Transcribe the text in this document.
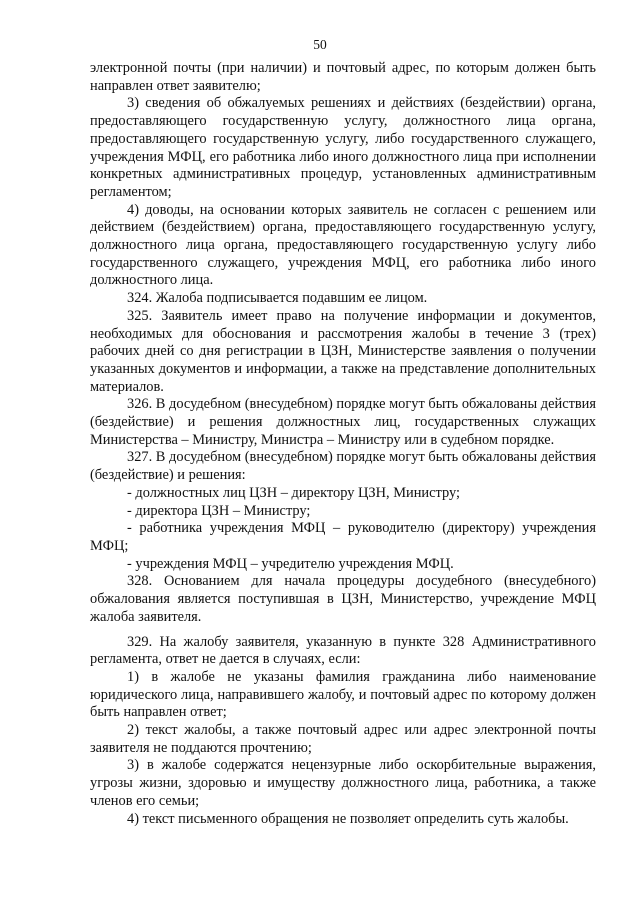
50

электронной почты (при наличии) и почтовый адрес, по которым должен быть направлен ответ заявителю;

3) сведения об обжалуемых решениях и действиях (бездействии) органа, предоставляющего государственную услугу, должностного лица органа, предоставляющего государственную услугу, либо государственного служащего, учреждения МФЦ, его работника либо иного должностного лица при исполнении конкретных административных процедур, установленных административным регламентом;

4) доводы, на основании которых заявитель не согласен с решением или действием (бездействием) органа, предоставляющего государственную услугу, должностного лица органа, предоставляющего государственную услугу либо государственного служащего, учреждения МФЦ, его работника либо иного должностного лица.

324. Жалоба подписывается подавшим ее лицом.

325. Заявитель имеет право на получение информации и документов, необходимых для обоснования и рассмотрения жалобы в течение 3 (трех) рабочих дней со дня регистрации в ЦЗН, Министерстве заявления о получении указанных документов и информации, а также на представление дополнительных материалов.

326. В досудебном (внесудебном) порядке могут быть обжалованы действия (бездействие) и решения должностных лиц, государственных служащих Министерства – Министру, Министра – Министру или в судебном порядке.

327. В досудебном (внесудебном) порядке могут быть обжалованы действия (бездействие) и решения:

- должностных лиц ЦЗН – директору ЦЗН, Министру;

- директора ЦЗН – Министру;

- работника учреждения МФЦ – руководителю (директору) учреждения МФЦ;

- учреждения МФЦ – учредителю учреждения МФЦ.

328. Основанием для начала процедуры досудебного (внесудебного) обжалования является поступившая в ЦЗН, Министерство, учреждение МФЦ жалоба заявителя.

329. На жалобу заявителя, указанную в пункте 328 Административного регламента, ответ не дается в случаях, если:

1) в жалобе не указаны фамилия гражданина либо наименование юридического лица, направившего жалобу, и почтовый адрес по которому должен быть направлен ответ;

2) текст жалобы, а также почтовый адрес или адрес электронной почты заявителя не поддаются прочтению;

3) в жалобе содержатся нецензурные либо оскорбительные выражения, угрозы жизни, здоровью и имуществу должностного лица, работника, а также членов его семьи;

4) текст письменного обращения не позволяет определить суть жалобы.
